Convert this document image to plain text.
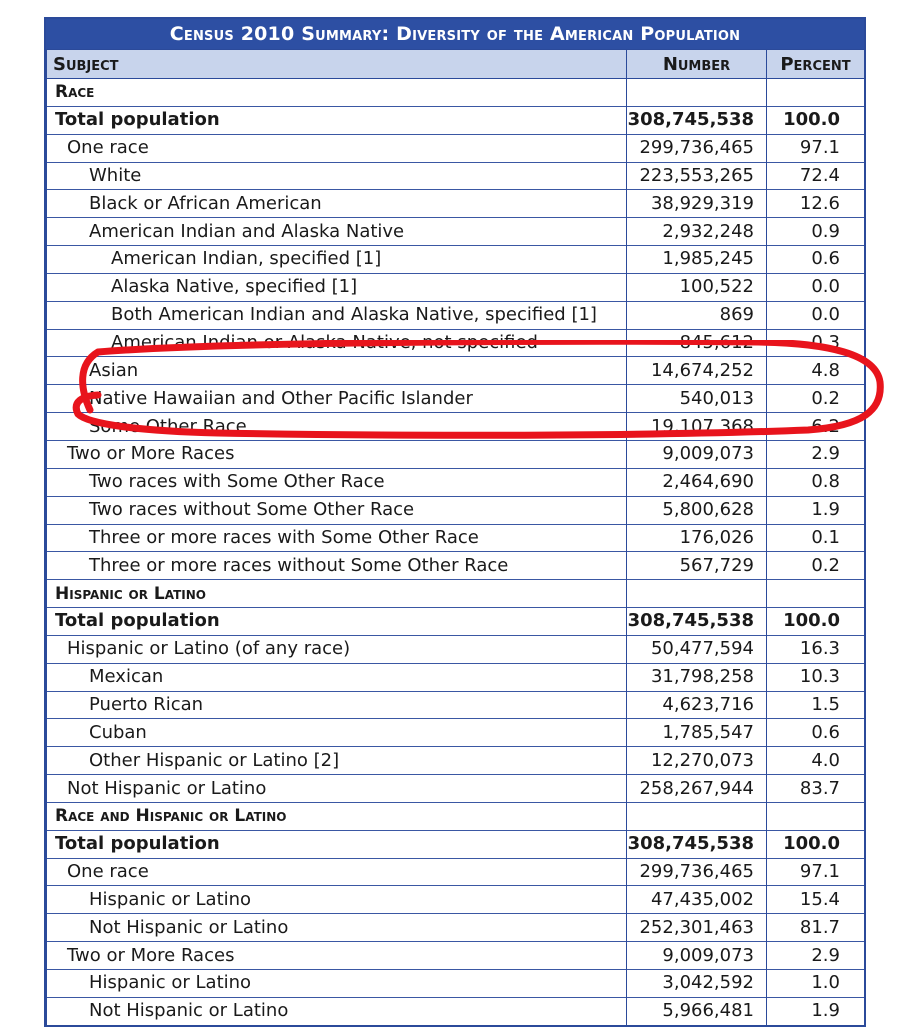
Census 2010 Summary: Diversity of the American Population
Subject	Number	Percent
Race		
Total population	308,745,538	100.0
One race	299,736,465	97.1
White	223,553,265	72.4
Black or African American	38,929,319	12.6
American Indian and Alaska Native	2,932,248	0.9
American Indian, specified [1]	1,985,245	0.6
Alaska Native, specified [1]	100,522	0.0
Both American Indian and Alaska Native, specified [1]	869	0.0
American Indian or Alaska Native, not specified	845,612	0.3
Asian	14,674,252	4.8
Native Hawaiian and Other Pacific Islander	540,013	0.2
Some Other Race	19,107,368	6.2
Two or More Races	9,009,073	2.9
Two races with Some Other Race	2,464,690	0.8
Two races without Some Other Race	5,800,628	1.9
Three or more races with Some Other Race	176,026	0.1
Three or more races without Some Other Race	567,729	0.2
Hispanic or Latino		
Total population	308,745,538	100.0
Hispanic or Latino (of any race)	50,477,594	16.3
Mexican	31,798,258	10.3
Puerto Rican	4,623,716	1.5
Cuban	1,785,547	0.6
Other Hispanic or Latino [2]	12,270,073	4.0
Not Hispanic or Latino	258,267,944	83.7
Race and Hispanic or Latino		
Total population	308,745,538	100.0
One race	299,736,465	97.1
Hispanic or Latino	47,435,002	15.4
Not Hispanic or Latino	252,301,463	81.7
Two or More Races	9,009,073	2.9
Hispanic or Latino	3,042,592	1.0
Not Hispanic or Latino	5,966,481	1.9
